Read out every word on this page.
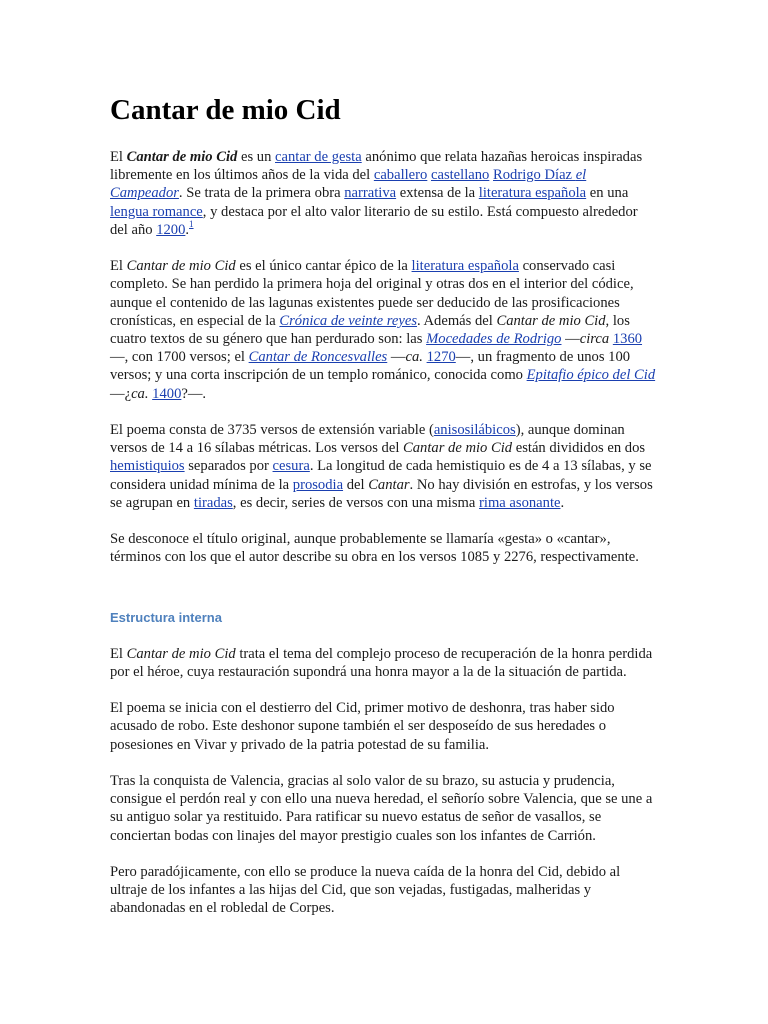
Cantar de mio Cid

El Cantar de mio Cid es un cantar de gesta anónimo que relata hazañas heroicas inspiradas libremente en los últimos años de la vida del caballero castellano Rodrigo Díaz el Campeador. Se trata de la primera obra narrativa extensa de la literatura española en una lengua romance, y destaca por el alto valor literario de su estilo. Está compuesto alrededor del año 1200.$^1$

El Cantar de mio Cid es el único cantar épico de la literatura española conservado casi completo. Se han perdido la primera hoja del original y otras dos en el interior del códice, aunque el contenido de las lagunas existentes puede ser deducido de las prosificaciones cronísticas, en especial de la Crónica de veinte reyes. Además del Cantar de mio Cid, los cuatro textos de su género que han perdurado son: las Mocedades de Rodrigo —circa 1360—, con 1700 versos; el Cantar de Roncesvalles —ca. 1270—, un fragmento de unos 100 versos; y una corta inscripción de un templo románico, conocida como Epitafio épico del Cid —¿ca. 1400?—.

El poema consta de 3735 versos de extensión variable (anisosilábicos), aunque dominan versos de 14 a 16 sílabas métricas. Los versos del Cantar de mio Cid están divididos en dos hemistiquios separados por cesura. La longitud de cada hemistiquio es de 4 a 13 sílabas, y se considera unidad mínima de la prosodia del Cantar. No hay división en estrofas, y los versos se agrupan en tiradas, es decir, series de versos con una misma rima asonante.

Se desconoce el título original, aunque probablemente se llamaría «gesta» o «cantar», términos con los que el autor describe su obra en los versos 1085 y 2276, respectivamente.

Estructura interna

El Cantar de mio Cid trata el tema del complejo proceso de recuperación de la honra perdida por el héroe, cuya restauración supondrá una honra mayor a la de la situación de partida.

El poema se inicia con el destierro del Cid, primer motivo de deshonra, tras haber sido acusado de robo. Este deshonor supone también el ser desposeído de sus heredades o posesiones en Vivar y privado de la patria potestad de su familia.

Tras la conquista de Valencia, gracias al solo valor de su brazo, su astucia y prudencia, consigue el perdón real y con ello una nueva heredad, el señorío sobre Valencia, que se une a su antiguo solar ya restituido. Para ratificar su nuevo estatus de señor de vasallos, se conciertan bodas con linajes del mayor prestigio cuales son los infantes de Carrión.

Pero paradójicamente, con ello se produce la nueva caída de la honra del Cid, debido al ultraje de los infantes a las hijas del Cid, que son vejadas, fustigadas, malheridas y abandonadas en el robledal de Corpes.
